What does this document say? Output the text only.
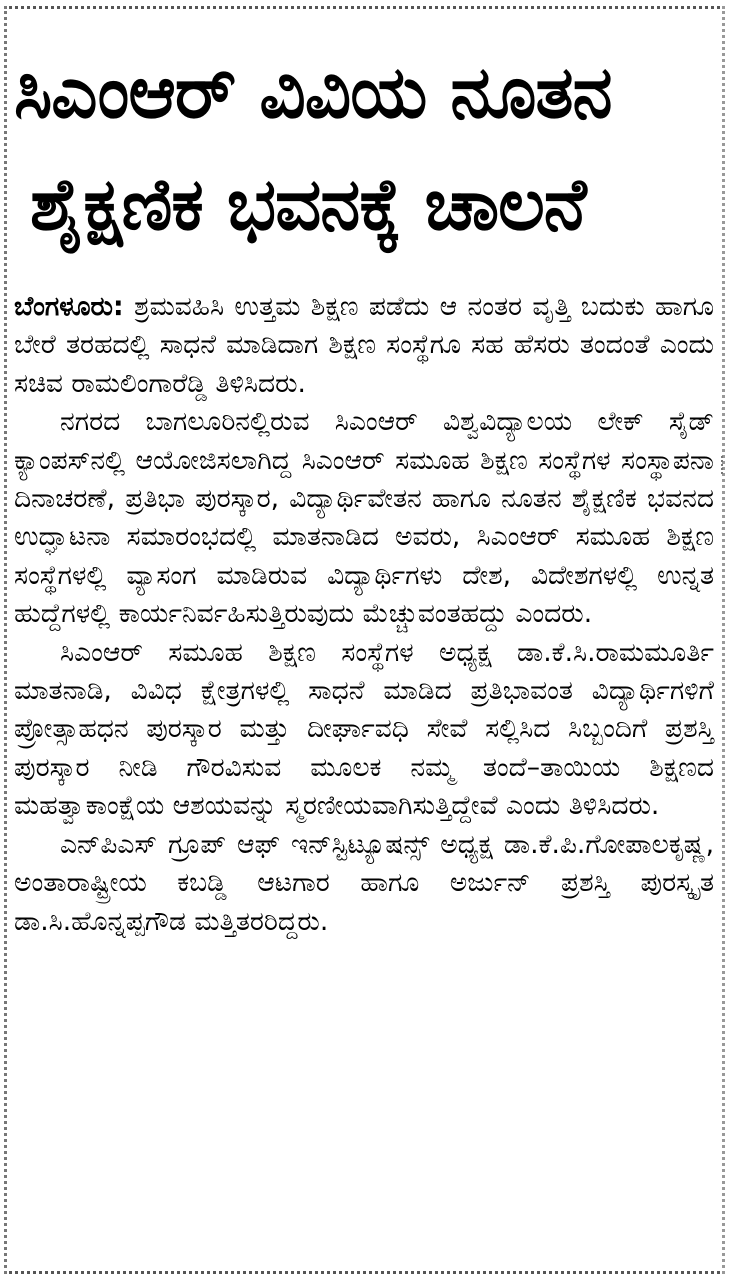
ಸಿಎಂಆರ್ ವಿವಿಯ ನೂತನ
ಶೈಕ್ಷಣಿಕ ಭವನಕ್ಕೆ ಚಾಲನೆ

ಬೆಂಗಳೂರು: ಶ್ರಮವಹಿಸಿ ಉತ್ತಮ ಶಿಕ್ಷಣ ಪಡೆದು ಆ ನಂತರ ವೃತ್ತಿ ಬದುಕು ಹಾಗೂ ಬೇರೆ ತರಹದಲ್ಲಿ ಸಾಧನೆ ಮಾಡಿದಾಗ ಶಿಕ್ಷಣ ಸಂಸ್ಥೆಗೂ ಸಹ ಹೆಸರು ತಂದಂತೆ ಎಂದು ಸಚಿವ ರಾಮಲಿಂಗಾರೆಡ್ಡಿ ತಿಳಿಸಿದರು.

ನಗರದ ಬಾಗಲೂರಿನಲ್ಲಿರುವ ಸಿಎಂಆರ್ ವಿಶ್ವವಿದ್ಯಾಲಯ ಲೇಕ್ ಸೈಡ್ ಕ್ಯಾಂಪಸ್‌ನಲ್ಲಿ ಆಯೋಜಿಸಲಾಗಿದ್ದ ಸಿಎಂಆರ್ ಸಮೂಹ ಶಿಕ್ಷಣ ಸಂಸ್ಥೆಗಳ ಸಂಸ್ಥಾಪನಾ ದಿನಾಚರಣೆ, ಪ್ರತಿಭಾ ಪುರಸ್ಕಾರ, ವಿದ್ಯಾರ್ಥಿವೇತನ ಹಾಗೂ ನೂತನ ಶೈಕ್ಷಣಿಕ ಭವನದ ಉದ್ಘಾಟನಾ ಸಮಾರಂಭದಲ್ಲಿ ಮಾತನಾಡಿದ ಅವರು, ಸಿಎಂಆರ್ ಸಮೂಹ ಶಿಕ್ಷಣ ಸಂಸ್ಥೆಗಳಲ್ಲಿ ವ್ಯಾಸಂಗ ಮಾಡಿರುವ ವಿದ್ಯಾರ್ಥಿಗಳು ದೇಶ, ವಿದೇಶಗಳಲ್ಲಿ ಉನ್ನತ ಹುದ್ದೆಗಳಲ್ಲಿ ಕಾರ್ಯನಿರ್ವಹಿಸುತ್ತಿರುವುದು ಮೆಚ್ಚುವಂತಹದ್ದು ಎಂದರು.

ಸಿಎಂಆರ್ ಸಮೂಹ ಶಿಕ್ಷಣ ಸಂಸ್ಥೆಗಳ ಅಧ್ಯಕ್ಷ ಡಾ.ಕೆ.ಸಿ.ರಾಮಮೂರ್ತಿ ಮಾತನಾಡಿ, ವಿವಿಧ ಕ್ಷೇತ್ರಗಳಲ್ಲಿ ಸಾಧನೆ ಮಾಡಿದ ಪ್ರತಿಭಾವಂತ ವಿದ್ಯಾರ್ಥಿಗಳಿಗೆ ಪ್ರೋತ್ಸಾಹಧನ ಪುರಸ್ಕಾರ ಮತ್ತು ದೀರ್ಘಾವಧಿ ಸೇವೆ ಸಲ್ಲಿಸಿದ ಸಿಬ್ಬಂದಿಗೆ ಪ್ರಶಸ್ತಿ ಪುರಸ್ಕಾರ ನೀಡಿ ಗೌರವಿಸುವ ಮೂಲಕ ನಮ್ಮ ತಂದೆ–ತಾಯಿಯ ಶಿಕ್ಷಣದ ಮಹತ್ವಾಕಾಂಕ್ಷೆಯ ಆಶಯವನ್ನು ಸ್ಮರಣೀಯವಾಗಿಸುತ್ತಿದ್ದೇವೆ ಎಂದು ತಿಳಿಸಿದರು.

ಎನ್‌ಪಿಎಸ್ ಗ್ರೂಪ್ ಆಫ್ ಇನ್‌ಸ್ಟಿಟ್ಯೂಷನ್ಸ್ ಅಧ್ಯಕ್ಷ ಡಾ.ಕೆ.ಪಿ.ಗೋಪಾಲಕೃಷ್ಣ, ಅಂತಾರಾಷ್ಟ್ರೀಯ ಕಬಡ್ಡಿ ಆಟಗಾರ ಹಾಗೂ ಅರ್ಜುನ್ ಪ್ರಶಸ್ತಿ ಪುರಸ್ಕೃತ ಡಾ.ಸಿ.ಹೊನ್ನಪ್ಪಗೌಡ ಮತ್ತಿತರರಿದ್ದರು.
